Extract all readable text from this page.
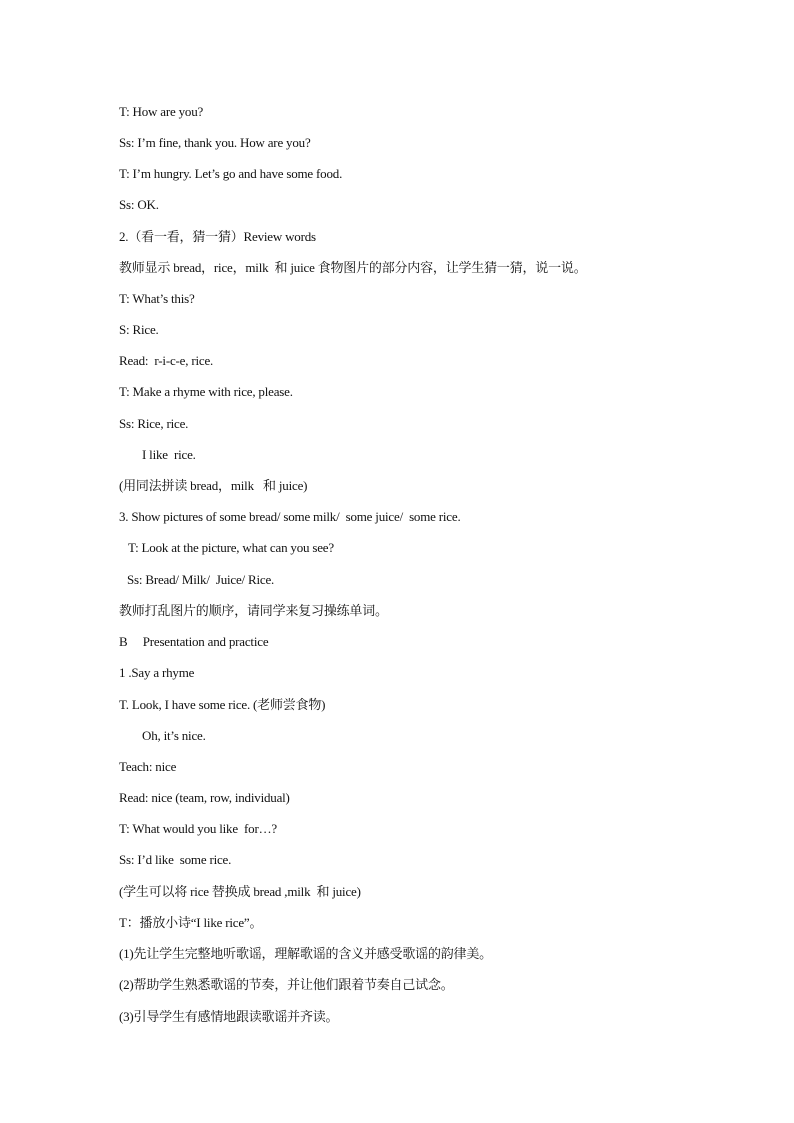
T: How are you?
Ss: I’m fine, thank you. How are you?
T: I’m hungry. Let’s go and have some food.
Ss: OK.
2.（看一看，猜一猜）Review words
教师显示 bread，rice，milk  和 juice 食物图片的部分内容，让学生猜一猜，说一说。
T: What’s this?
S: Rice.
Read:  r-i-c-e, rice.
T: Make a rhyme with rice, please.
Ss: Rice, rice.
I like  rice.
(用同法拼读 bread，milk   和 juice)
3. Show pictures of some bread/ some milk/  some juice/  some rice.
T: Look at the picture, what can you see?
Ss: Bread/ Milk/  Juice/ Rice.
教师打乱图片的顺序，请同学来复习操练单词。
B     Presentation and practice
1 .Say a rhyme
T. Look, I have some rice. (老师尝食物)
Oh, it’s nice.
Teach: nice
Read: nice (team, row, individual)
T: What would you like  for…?
Ss: I’d like  some rice.
(学生可以将 rice 替换成 bread ,milk  和 juice)
T：播放小诗“I like rice”。
(1)先让学生完整地听歌谣，理解歌谣的含义并感受歌谣的韵律美。
(2)帮助学生熟悉歌谣的节奏，并让他们跟着节奏自己试念。
(3)引导学生有感情地跟读歌谣并齐读。
